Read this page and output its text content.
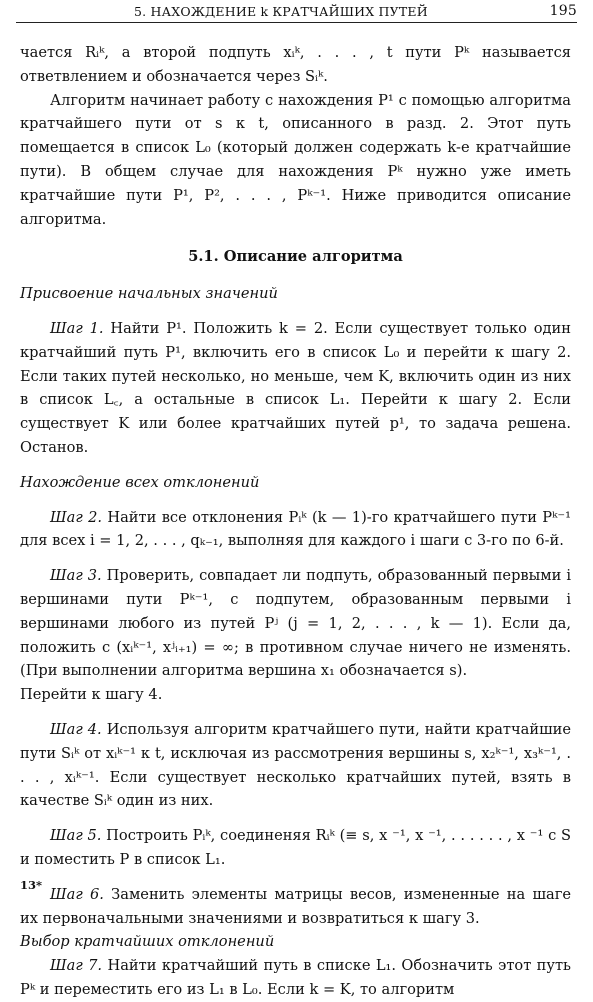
5. НАХОЖДЕНИЕ k КРАТЧАЙШИХ ПУТЕЙ	195

чается Rᵢᵏ, а второй подпуть xᵢᵏ, . . . , t пути Pᵏ называется ответвлением и обозначается через Sᵢᵏ.

Алгоритм начинает работу с нахождения P¹ с помощью алгоритма кратчайшего пути от s к t, описанного в разд. 2. Этот путь помещается в список L₀ (который должен содержать k-е кратчайшие пути). В общем случае для нахождения Pᵏ нужно уже иметь кратчайшие пути P¹, P², . . . , Pᵏ⁻¹. Ниже приводится описание алгоритма.

5.1. Описание алгоритма

Присвоение начальных значений

Шаг 1. Найти P¹. Положить k = 2. Если существует только один кратчайший путь P¹, включить его в список L₀ и перейти к шагу 2. Если таких путей несколько, но меньше, чем K, включить один из них в список L꜀, а остальные в список L₁. Перейти к шагу 2. Если существует K или более кратчайших путей p¹, то задача решена. Останов.

Нахождение всех отклонений

Шаг 2. Найти все отклонения Pᵢᵏ (k — 1)-го кратчайшего пути Pᵏ⁻¹ для всех i = 1, 2, . . . , qₖ₋₁, выполняя для каждого i шаги с 3-го по 6-й.

Шаг 3. Проверить, совпадает ли подпуть, образованный первыми i вершинами пути Pᵏ⁻¹, с подпутем, образованным первыми i вершинами любого из путей Pʲ (j = 1, 2, . . . , k — 1). Если да, положить c (xᵢᵏ⁻¹, xʲᵢ₊₁) = ∞; в противном случае ничего не изменять. (При выполнении алгоритма вершина x₁ обозначается s).

Перейти к шагу 4.

Шаг 4. Используя алгоритм кратчайшего пути, найти кратчайшие пути Sᵢᵏ от xᵢᵏ⁻¹ к t, исключая из рассмотрения вершины s, x₂ᵏ⁻¹, x₃ᵏ⁻¹, . . . , xᵢᵏ⁻¹. Если существует несколько кратчайших путей, взять в качестве Sᵢᵏ один из них.

Шаг 5. Построить Pᵢᵏ, соединеняя Rᵢᵏ (≡ s, x ⁻¹, x ⁻¹, . . . . . . , x ⁻¹ c S и поместить P в список L₁.

Шаг 6. Заменить элементы матрицы весов, измененные на шаге их первоначальными значениями и возвратиться к шагу 3.

Выбор кратчайших отклонений

Шаг 7. Найти кратчайший путь в списке L₁. Обозначить этот путь Pᵏ и переместить его из L₁ в L₀. Если k = K, то алгоритм

13*
